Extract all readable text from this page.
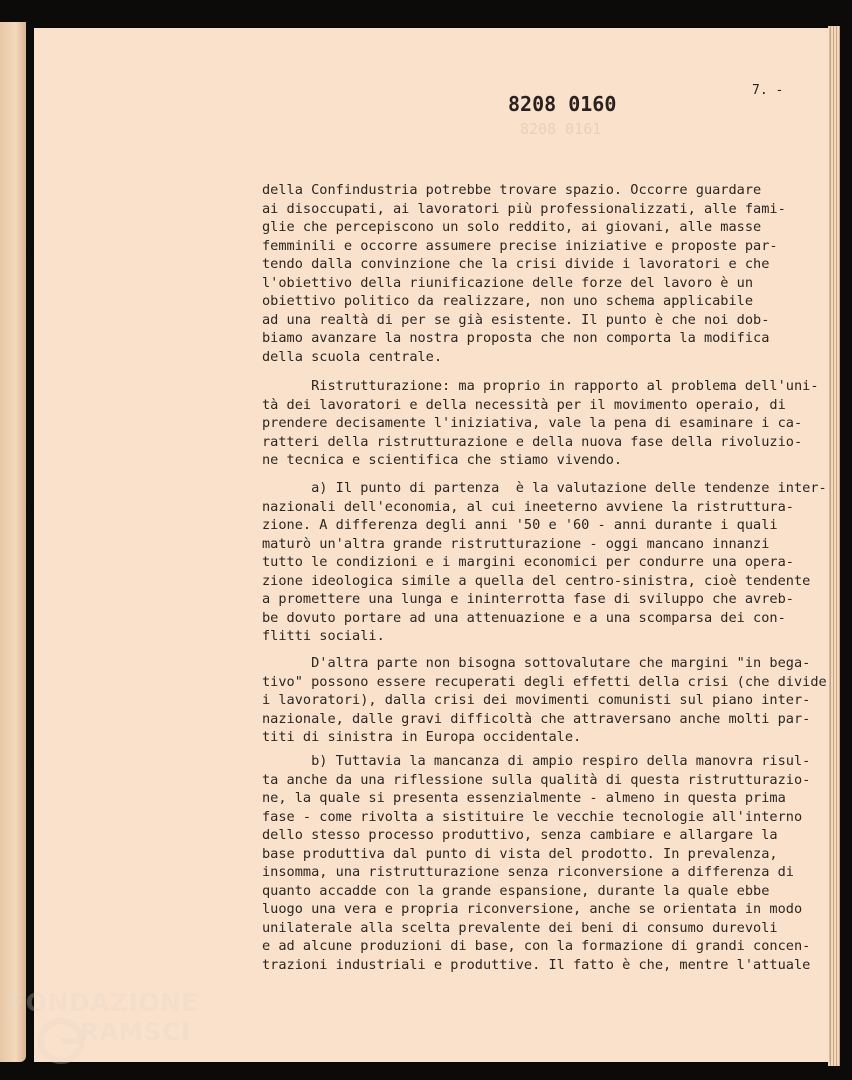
8208 0161
8208 0160
7. -
della Confindustria potrebbe trovare spazio. Occorre guardare
ai disoccupati, ai lavoratori più professionalizzati, alle fami-
glie che percepiscono un solo reddito, ai giovani, alle masse
femminili e occorre assumere precise iniziative e proposte par-
tendo dalla convinzione che la crisi divide i lavoratori e che
l'obiettivo della riunificazione delle forze del lavoro è un
obiettivo politico da realizzare, non uno schema applicabile
ad una realtà di per se già esistente. Il punto è che noi dob-
biamo avanzare la nostra proposta che non comporta la modifica
della scuola centrale.
Ristrutturazione: ma proprio in rapporto al problema dell'uni-
tà dei lavoratori e della necessità per il movimento operaio, di
prendere decisamente l'iniziativa, vale la pena di esaminare i ca-
ratteri della ristrutturazione e della nuova fase della rivoluzio-
ne tecnica e scientifica che stiamo vivendo.
a) Il punto di partenza  è la valutazione delle tendenze inter-
nazionali dell'economia, al cui ineeterno avviene la ristruttura-
zione. A differenza degli anni '50 e '60 - anni durante i quali
maturò un'altra grande ristrutturazione - oggi mancano innanzi
tutto le condizioni e i margini economici per condurre una opera-
zione ideologica simile a quella del centro-sinistra, cioè tendente
a promettere una lunga e ininterrotta fase di sviluppo che avreb-
be dovuto portare ad una attenuazione e a una scomparsa dei con-
flitti sociali.
D'altra parte non bisogna sottovalutare che margini "in bega-
tivo" possono essere recuperati degli effetti della crisi (che divide
i lavoratori), dalla crisi dei movimenti comunisti sul piano inter-
nazionale, dalle gravi difficoltà che attraversano anche molti par-
titi di sinistra in Europa occidentale.
b) Tuttavia la mancanza di ampio respiro della manovra risul-
ta anche da una riflessione sulla qualità di questa ristrutturazio-
ne, la quale si presenta essenzialmente - almeno in questa prima
fase - come rivolta a sistituire le vecchie tecnologie all'interno
dello stesso processo produttivo, senza cambiare e allargare la
base produttiva dal punto di vista del prodotto. In prevalenza,
insomma, una ristrutturazione senza riconversione a differenza di
quanto accadde con la grande espansione, durante la quale ebbe
luogo una vera e propria riconversione, anche se orientata in modo
unilaterale alla scelta prevalente dei beni di consumo durevoli
e ad alcune produzioni di base, con la formazione di grandi concen-
trazioni industriali e produttive. Il fatto è che, mentre l'attuale
FONDAZIONE
RAMSCI
